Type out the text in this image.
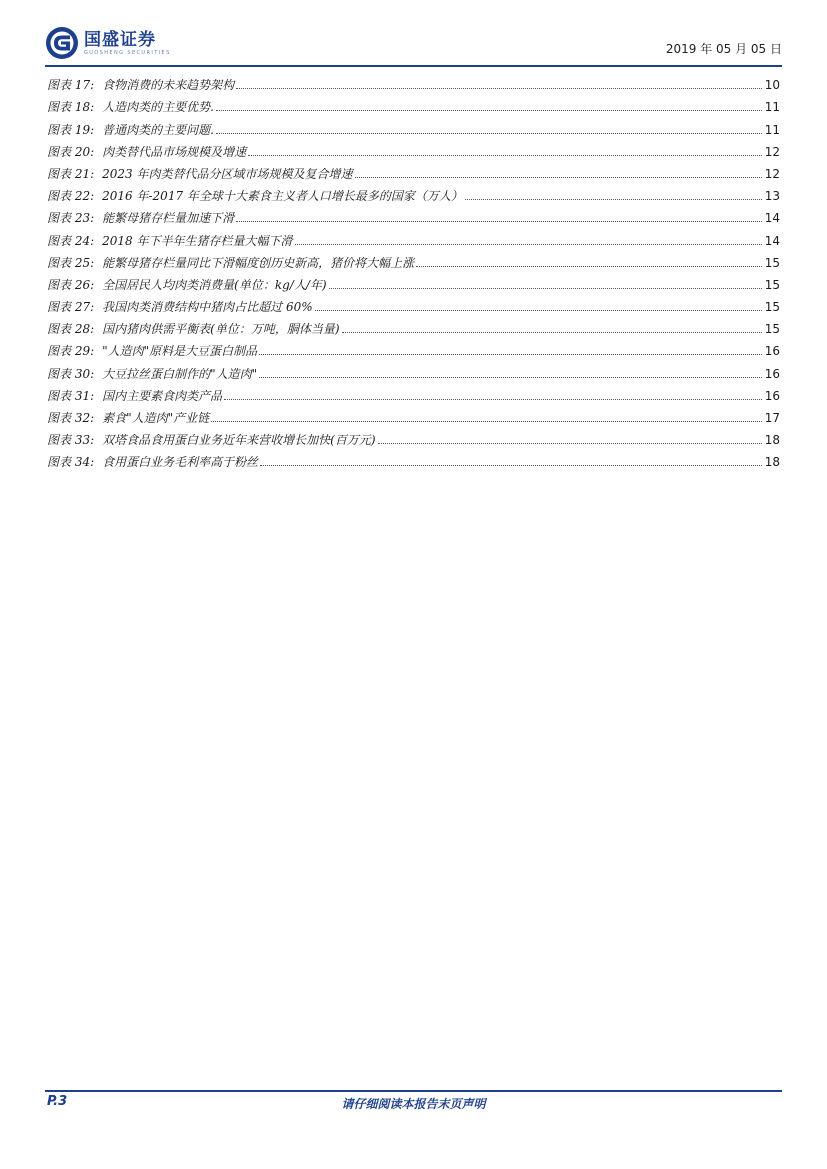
国盛证券
GUOSHENG SECURITIES	2019 年 05 月 05 日
图表 17: 食物消费的未来趋势架构	10
图表 18: 人造肉类的主要优势.	11
图表 19: 普通肉类的主要问题.	11
图表 20: 肉类替代品市场规模及增速	12
图表 21: 2023 年肉类替代品分区域市场规模及复合增速	12
图表 22: 2016 年-2017 年全球十大素食主义者人口增长最多的国家（万人）	13
图表 23: 能繁母猪存栏量加速下滑	14
图表 24: 2018 年下半年生猪存栏量大幅下滑	14
图表 25: 能繁母猪存栏量同比下滑幅度创历史新高，猪价将大幅上涨	15
图表 26: 全国居民人均肉类消费量(单位：kg/人/年)	15
图表 27: 我国肉类消费结构中猪肉占比超过 60%	15
图表 28: 国内猪肉供需平衡表(单位：万吨，胴体当量)	15
图表 29: "人造肉"原料是大豆蛋白制品	16
图表 30: 大豆拉丝蛋白制作的"人造肉"	16
图表 31: 国内主要素食肉类产品	16
图表 32: 素食"人造肉"产业链	17
图表 33: 双塔食品食用蛋白业务近年来营收增长加快(百万元)	18
图表 34: 食用蛋白业务毛利率高于粉丝	18
P.3	请仔细阅读本报告末页声明
